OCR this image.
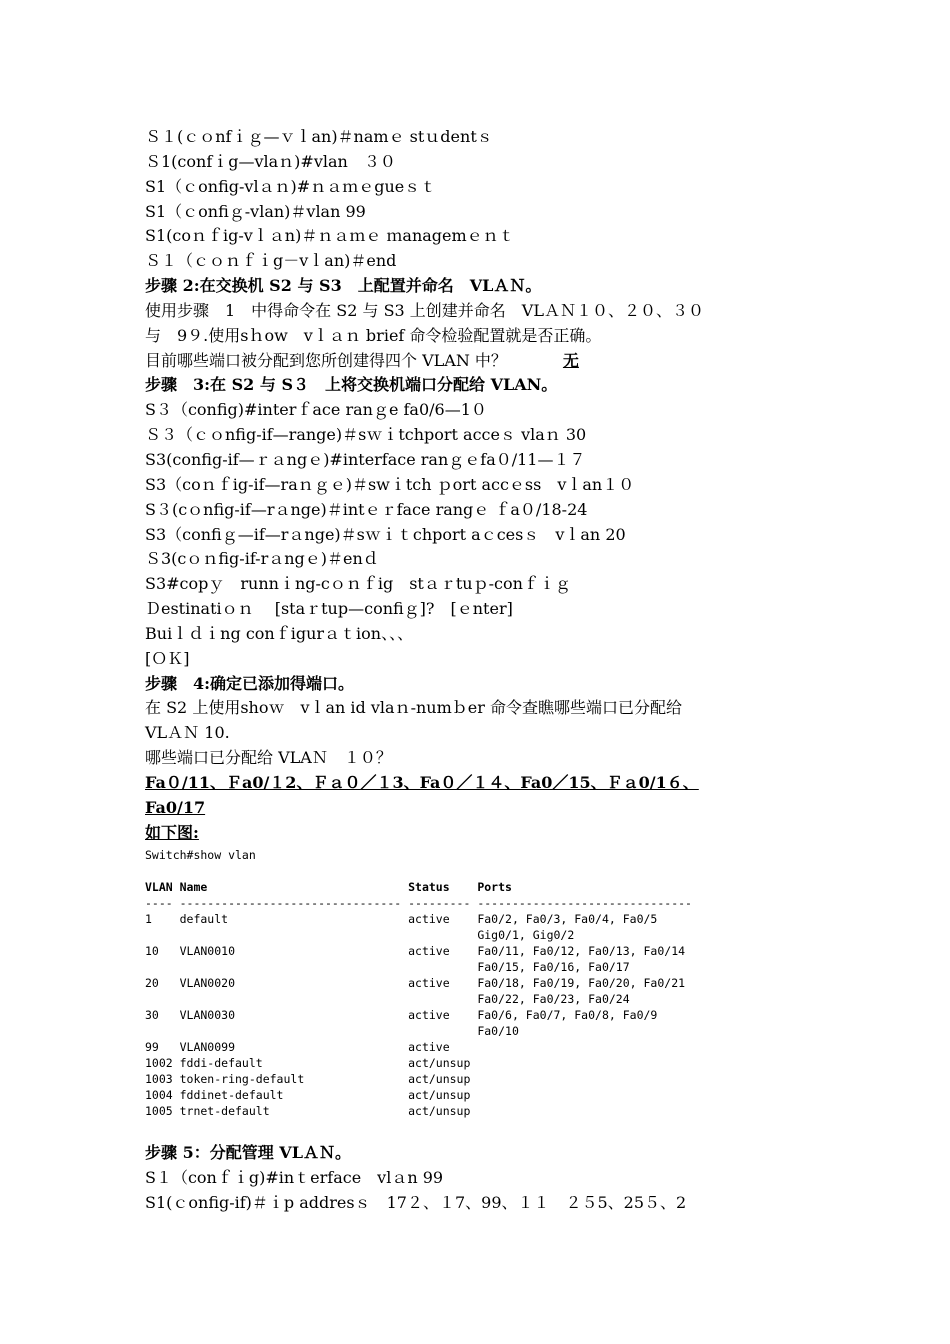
Ｓ１(ｃｏnfｉｇ—ｖｌan)＃namｅ stｕdentｓ
Ｓ1(confｉg—vlaｎ)#vlan　３０
S1（ｃonfig-vlａｎ)#ｎａｍｅgueｓｔ
S1（ｃonfiｇ-vlan)＃vlan 99
S1(coｎｆig-vｌａn)＃ｎａｍｅ ｍanagemｅｎｔ
Ｓ１（ｃｏｎｆｉg－vｌan)＃end
步骤 2:在交换机 S2 与 S3　上配置并命名　VLＡＮ。
使用步骤　1　中得命令在 S2 与 S3 上创建并命名　VLＡＮ１０、２０、３０
与　9９.使用sｈow　vｌａｎ brief 命令检验配置就是否正确。
目前哪些端口被分配到您所创建得四个 VLAN 中？	无
步骤　3:在 S2 与 S３　上将交换机端口分配给 VLAN。
S３（config)#interｆace ranｇe fa0/6—1０
Ｓ３（ｃｏnfig-if—range)＃sｗｉtchport acceｓ vlaｎ 30
S3(config-if—ｒａngｅ)#interface ranｇｅfa０/11—１７
S3（coｎｆig-if—raｎｇｅ)＃swｉtch ｐort accｅss　vｌan１０
S３(cｏnfig-if—rａnge)＃intｅｒface rangｅ ｆa０/18-24
S3（confiｇ—if—rａnge)＃sｗｉｔchport aｃcesｓ　vｌan 20
Ｓ3(cｏｎfig-if-rａngｅ)＃enｄ
S3#copｙ　runnｉng-cｏｎｆig　stａｒtuｐ-conｆｉｇ
Ｄestinatiｏｎ　 [staｒtup—confiｇ]?　[ｅnter]
Buiｌｄｉng conｆigurａｔion、、、
[ＯＫ]
步骤　4:确定已添加得端口。
在 S2 上使用shoｗ　vｌan id vlaｎ-numｂer 命令查瞧哪些端口已分配给
VLＡＮ 10.
哪些端口已分配给 VLAＮ　１０？
Fa０/11、Ｆa0/１2、Ｆａ０／１3、Fa０／１４、Fa0／15、Ｆａ0/1６、
Fa0/17
如下图:
Switch#show vlan
VLAN Name                             Status    Ports
---- -------------------------------- --------- -------------------------------
1    default                          active    Fa0/2, Fa0/3, Fa0/4, Fa0/5
Gig0/1, Gig0/2
10   VLAN0010                         active    Fa0/11, Fa0/12, Fa0/13, Fa0/14
Fa0/15, Fa0/16, Fa0/17
20   VLAN0020                         active    Fa0/18, Fa0/19, Fa0/20, Fa0/21
Fa0/22, Fa0/23, Fa0/24
30   VLAN0030                         active    Fa0/6, Fa0/7, Fa0/8, Fa0/9
Fa0/10
99   VLAN0099                         active
1002 fddi-default                     act/unsup
1003 token-ring-default               act/unsup
1004 fddinet-default                  act/unsup
1005 trnet-default                    act/unsup
步骤 5：分配管理 VLＡＮ。
S１（conｆｉg)#inｔerface　vlａn 99
S1(ｃonfig-if)＃ｉp addresｓ　17２、１7、99、１１　２５5、25５、2
